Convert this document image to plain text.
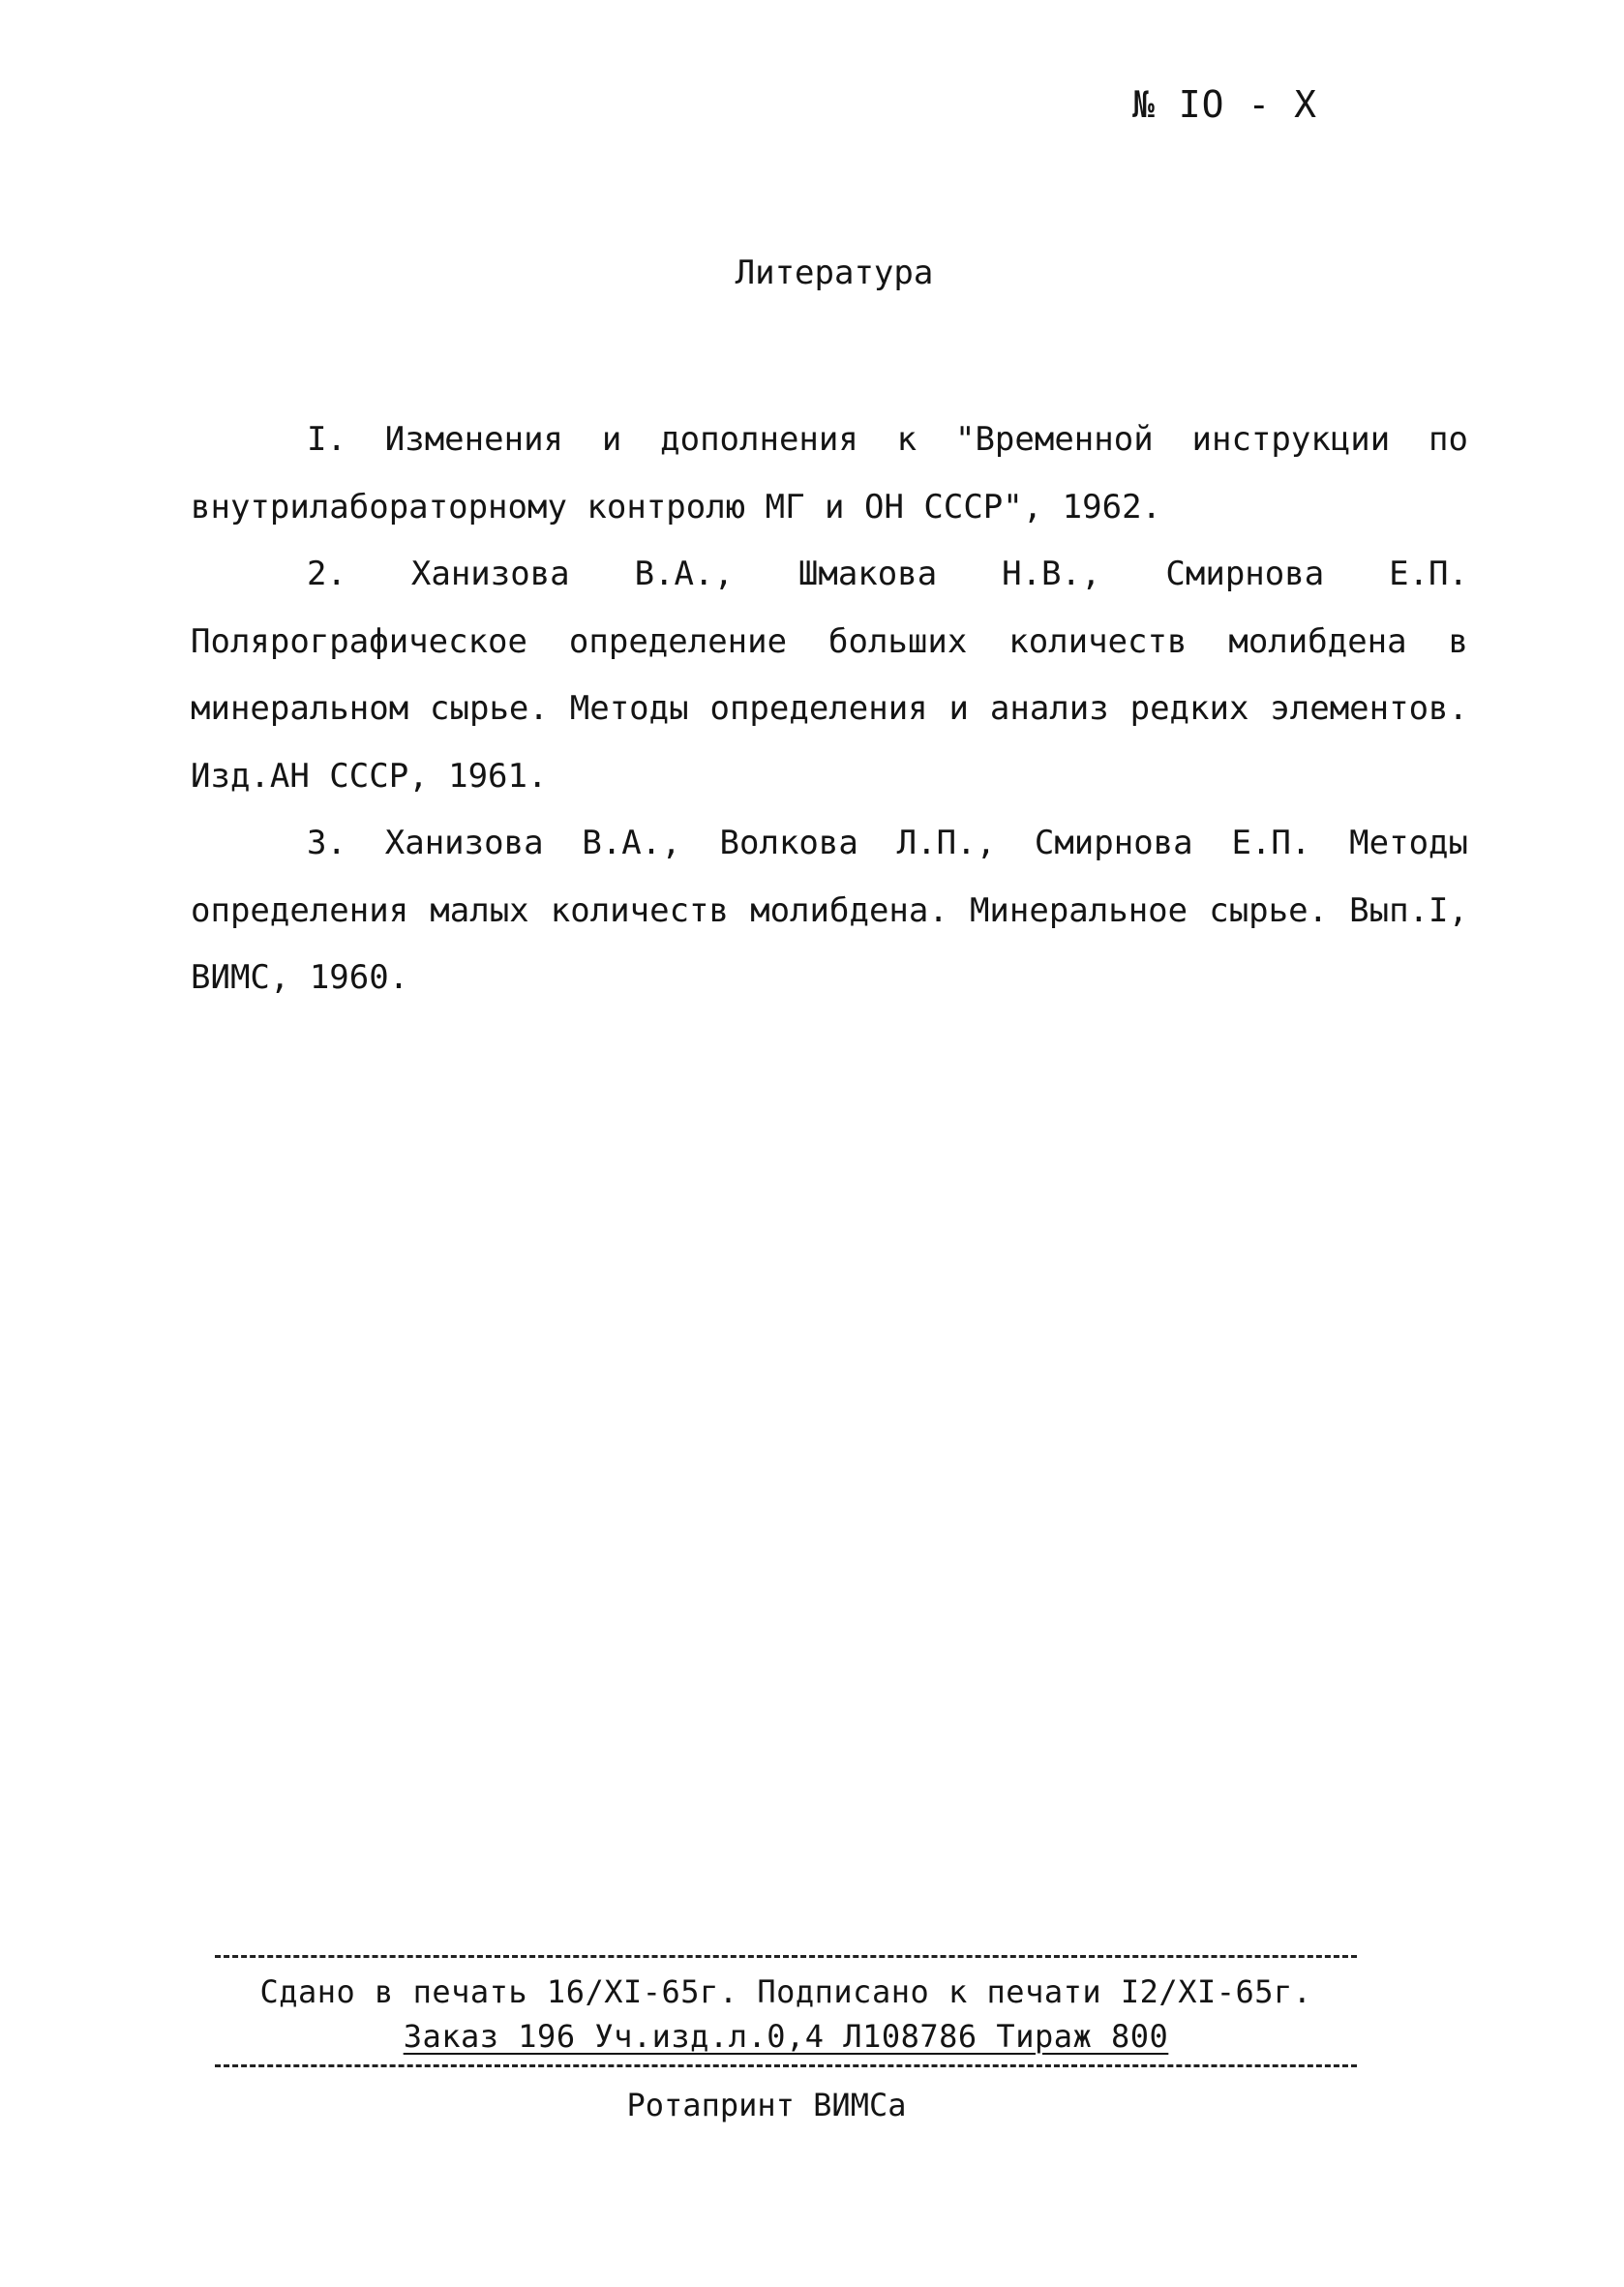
№ IO - X
Литература

I. Изменения и дополнения к "Временной инструкции по внутрилабораторному контролю МГ и ОН СССР", 1962.

2. Ханизова В.А., Шмакова Н.В., Смирнова Е.П. Полярографическое определение больших количеств молибдена в минеральном сырье. Методы определения и анализ редких элементов. Изд.АН СССР, 1961.

3. Ханизова В.А., Волкова Л.П., Смирнова Е.П. Методы определения малых количеств молибдена. Минеральное сырье. Вып.I, ВИМС, 1960.

Сдано в печать 16/XI-65г. Подписано к печати I2/XI-65г.
Заказ 196 Уч.изд.л.0,4 Л108786 Тираж 800
Ротапринт ВИМСа
